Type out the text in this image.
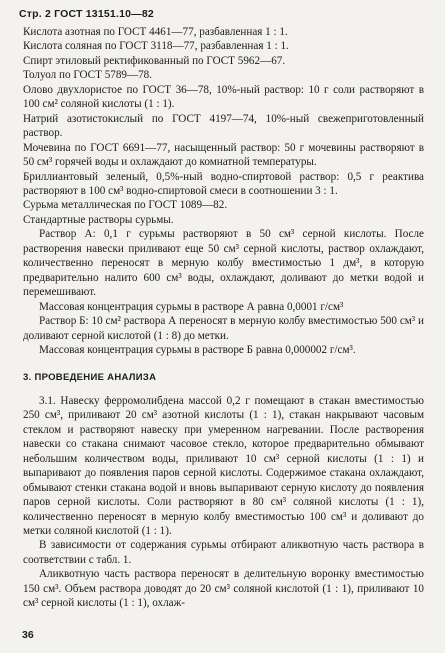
Стр. 2 ГОСТ 13151.10—82

Кислота азотная по ГОСТ 4461—77, разбавленная 1 : 1.

Кислота соляная по ГОСТ 3118—77, разбавленная 1 : 1.

Спирт этиловый ректификованный по ГОСТ 5962—67.

Толуол по ГОСТ 5789—78.

Олово двухлористое по ГОСТ 36—78, 10%-ный раствор: 10 г соли растворяют в 100 см² соляной кислоты (1 : 1).

Натрий азотистокислый по ГОСТ 4197—74, 10%-ный свежеприготовленный раствор.

Мочевина по ГОСТ 6691—77, насыщенный раствор: 50 г мочевины растворяют в 50 см³ горячей воды и охлаждают до комнатной температуры.

Бриллиантовый зеленый, 0,5%-ный водно-спиртовой раствор: 0,5 г реактива растворяют в 100 см³ водно-спиртовой смеси в соотношении 3 : 1.

Сурьма металлическая по ГОСТ 1089—82.

Стандартные растворы сурьмы.

Раствор А: 0,1 г сурьмы растворяют в 50 см³ серной кислоты. После растворения навески приливают еще 50 см³ серной кислоты, раствор охлаждают, количественно переносят в мерную колбу вместимостью 1 дм³, в которую предварительно налито 600 см³ воды, охлаждают, доливают до метки водой и перемешивают.

Массовая концентрация сурьмы в растворе А равна 0,0001 г/см³

Раствор Б: 10 см² раствора А переносят в мерную колбу вместимостью 500 см³ и доливают серной кислотой (1 : 8) до метки.

Массовая концентрация сурьмы в растворе Б равна 0,000002 г/см³.

3. ПРОВЕДЕНИЕ АНАЛИЗА

3.1. Навеску ферромолибдена массой 0,2 г помещают в стакан вместимостью 250 см³, приливают 20 см³ азотной кислоты (1 : 1), стакан накрывают часовым стеклом и растворяют навеску при умеренном нагревании. После растворения навески со стакана снимают часовое стекло, которое предварительно обмывают небольшим количеством воды, приливают 10 см³ серной кислоты (1 : 1) и выпаривают до появления паров серной кислоты. Содержимое стакана охлаждают, обмывают стенки стакана водой и вновь выпаривают серную кислоту до появления паров серной кислоты. Соли растворяют в 80 см³ соляной кислоты (1 : 1), количественно переносят в мерную колбу вместимостью 100 см³ и доливают до метки соляной кислотой (1 : 1).

В зависимости от содержания сурьмы отбирают аликвотную часть раствора в соответствии с табл. 1.

Аликвотную часть раствора переносят в делительную воронку вместимостью 150 см³. Объем раствора доводят до 20 см³ соляной кислотой (1 : 1), приливают 10 см³ серной кислоты (1 : 1), охлаж-

36
